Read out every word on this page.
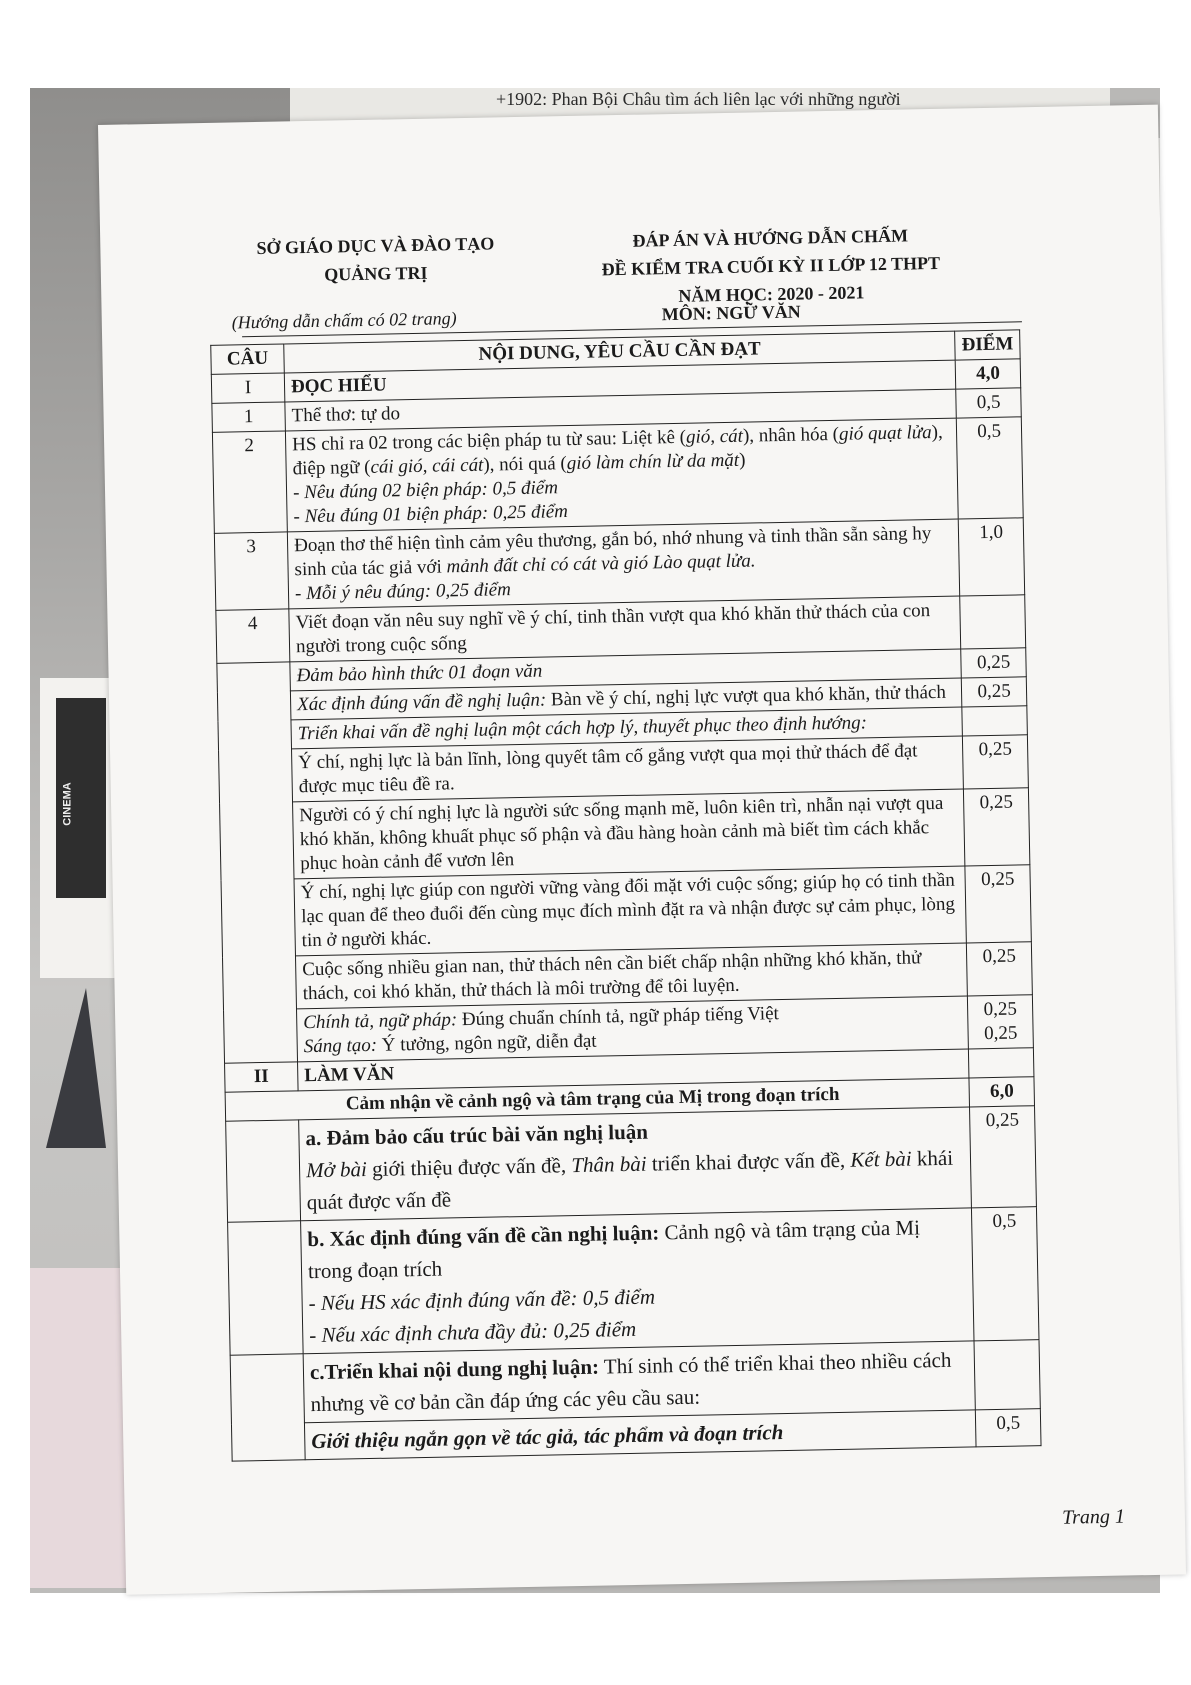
CINEMA
+1902: Phan Bội Châu tìm ách liên lạc với những người
SỞ GIÁO DỤC VÀ ĐÀO TẠO
QUẢNG TRỊ
ĐÁP ÁN VÀ HƯỚNG DẪN CHẤM
ĐỀ KIỂM TRA CUỐI KỲ II LỚP 12 THPT
NĂM HỌC: 2020 - 2021
(Hướng dẫn chấm có 02 trang)	MÔN: NGỮ VĂN
CÂU	NỘI DUNG, YÊU CẦU CẦN ĐẠT	ĐIỂM
I	ĐỌC HIỂU	4,0
1	Thể thơ: tự do	0,5
2	HS chỉ ra 02 trong các biện pháp tu từ sau: Liệt kê (gió, cát), nhân hóa (gió quạt lửa), điệp ngữ (cái gió, cái cát), nói quá (gió làm chín lừ da mặt)
- Nêu đúng 02 biện pháp: 0,5 điểm
- Nêu đúng 01 biện pháp: 0,25 điểm	0,5
3	Đoạn thơ thể hiện tình cảm yêu thương, gắn bó, nhớ nhung và tinh thần sẵn sàng hy sinh của tác giả với mảnh đất chỉ có cát và gió Lào quạt lửa.
- Mỗi ý nêu đúng: 0,25 điểm	1,0
4	Viết đoạn văn nêu suy nghĩ về ý chí, tinh thần vượt qua khó khăn thử thách của con người trong cuộc sống	
	Đảm bảo hình thức 01 đoạn văn	0,25
	Xác định đúng vấn đề nghị luận: Bàn về ý chí, nghị lực vượt qua khó khăn, thử thách	0,25
	Triển khai vấn đề nghị luận một cách hợp lý, thuyết phục theo định hướng:	
	Ý chí, nghị lực là bản lĩnh, lòng quyết tâm cố gắng vượt qua mọi thử thách để đạt được mục tiêu đề ra.	0,25
	Người có ý chí nghị lực là người sức sống mạnh mẽ, luôn kiên trì, nhẫn nại vượt qua khó khăn, không khuất phục số phận và đầu hàng hoàn cảnh mà biết tìm cách khắc phục hoàn cảnh để vươn lên	0,25
	Ý chí, nghị lực giúp con người vững vàng đối mặt với cuộc sống; giúp họ có tinh thần lạc quan để theo đuổi đến cùng mục đích mình đặt ra và nhận được sự cảm phục, lòng tin ở người khác.	0,25
	Cuộc sống nhiều gian nan, thử thách nên cần biết chấp nhận những khó khăn, thử thách, coi khó khăn, thử thách là môi trường để tôi luyện.	0,25
	Chính tả, ngữ pháp: Đúng chuẩn chính tả, ngữ pháp tiếng Việt
Sáng tạo: Ý tưởng, ngôn ngữ, diễn đạt	0,25
0,25
II	LÀM VĂN	
Cảm nhận về cảnh ngộ và tâm trạng của Mị trong đoạn trích		6,0

	a. Đảm bảo cấu trúc bài văn nghị luận
Mở bài giới thiệu được vấn đề, Thân bài triển khai được vấn đề, Kết bài khái quát được vấn đề	0,25
	b. Xác định đúng vấn đề cần nghị luận: Cảnh ngộ và tâm trạng của Mị trong đoạn trích
- Nếu HS xác định đúng vấn đề: 0,5 điểm
- Nếu xác định chưa đầy đủ: 0,25 điểm	0,5
	c.Triển khai nội dung nghị luận: Thí sinh có thể triển khai theo nhiều cách nhưng về cơ bản cần đáp ứng các yêu cầu sau:	
	Giới thiệu ngắn gọn về tác giả, tác phẩm và đoạn trích	0,5
Trang 1
